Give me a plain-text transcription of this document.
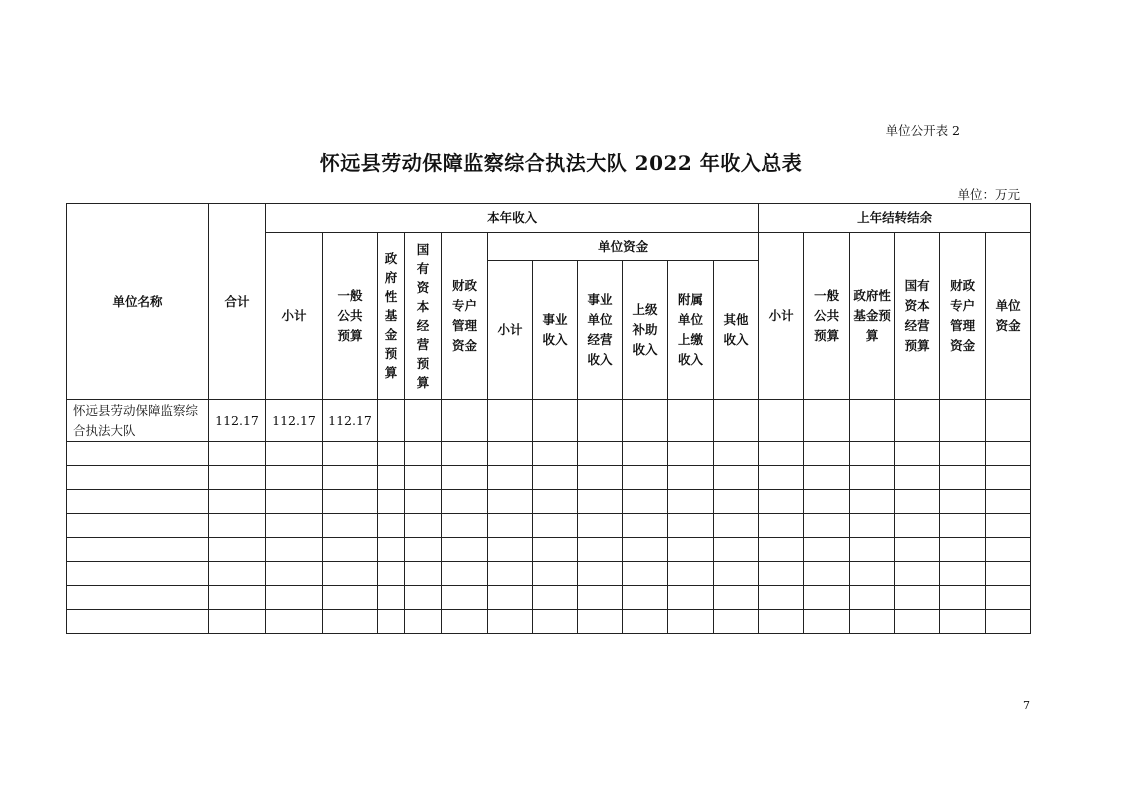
单位公开表 2
怀远县劳动保障监察综合执法大队 2022 年收入总表
单位：万元
单位名称	合计	本年收入											上年结转结余					
		小计	一般公共预算	政府性基金预算	国有资本经营预算	财政专户管理资金	单位资金						小计	一般公共预算	政府性基金预算	国有资本经营预算	财政专户管理资金	单位资金
							小计	事业收入	事业单位经营收入	上级补助收入	附属单位上缴收入	其他收入						
怀远县劳动保障监察综合执法大队	112.17	112.17	112.17															

7
